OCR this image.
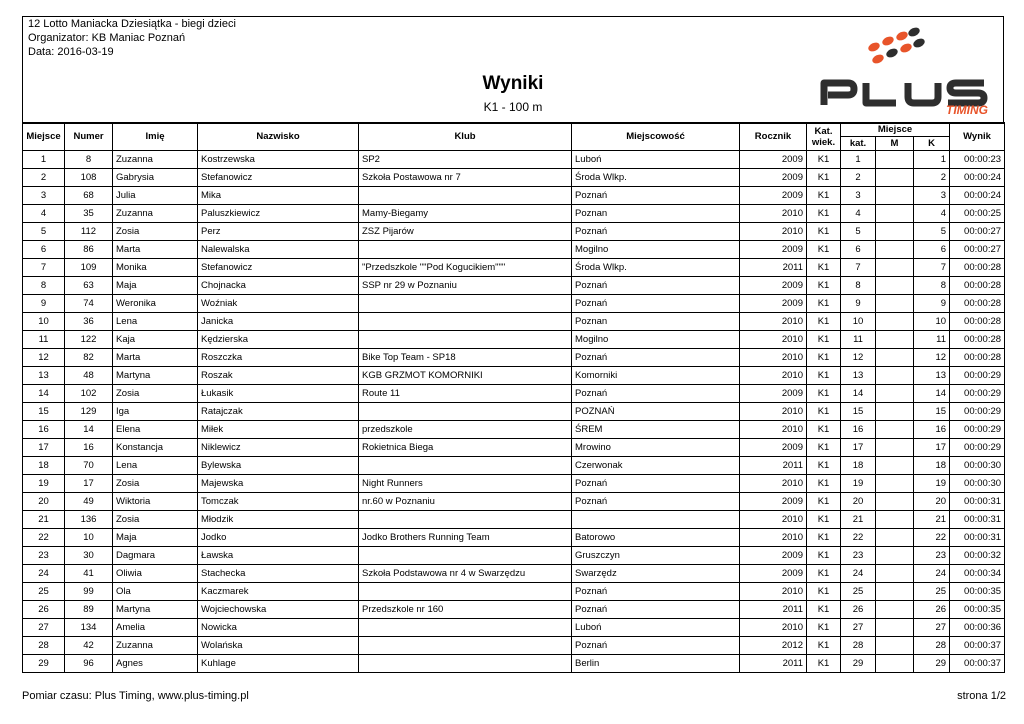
12 Lotto Maniacka Dziesiątka - biegi dzieci
Organizator: KB Maniac Poznań
Data: 2016-03-19
Wyniki
K1 - 100 m	TIMING
Miejsce	Numer	Imię	Nazwisko	Klub	Miejscowość	Rocznik	Kat. wiek.	Miejsce			Wynik
								kat.	M	K	
1	8	Zuzanna	Kostrzewska	SP2	Luboń	2009	K1	1		1	00:00:23
2	108	Gabrysia	Stefanowicz	Szkoła Postawowa nr 7	Środa Wlkp.	2009	K1	2		2	00:00:24
3	68	Julia	Mika		Poznań	2009	K1	3		3	00:00:24
4	35	Zuzanna	Paluszkiewicz	Mamy-Biegamy	Poznan	2010	K1	4		4	00:00:25
5	112	Zosia	Perz	ZSZ Pijarów	Poznań	2010	K1	5		5	00:00:27
6	86	Marta	Nalewalska		Mogilno	2009	K1	6		6	00:00:27
7	109	Monika	Stefanowicz	"Przedszkole ""Pod Kogucikiem"""	Środa Wlkp.	2011	K1	7		7	00:00:28
8	63	Maja	Chojnacka	SSP nr 29 w Poznaniu	Poznań	2009	K1	8		8	00:00:28
9	74	Weronika	Woźniak		Poznań	2009	K1	9		9	00:00:28
10	36	Lena	Janicka		Poznan	2010	K1	10		10	00:00:28
11	122	Kaja	Kędzierska		Mogilno	2010	K1	11		11	00:00:28
12	82	Marta	Roszczka	Bike Top Team - SP18	Poznań	2010	K1	12		12	00:00:28
13	48	Martyna	Roszak	KGB GRZMOT KOMORNIKI	Komorniki	2010	K1	13		13	00:00:29
14	102	Zosia	Łukasik	Route 11	Poznań	2009	K1	14		14	00:00:29
15	129	Iga	Ratajczak		POZNAŃ	2010	K1	15		15	00:00:29
16	14	Elena	Miłek	przedszkole	ŚREM	2010	K1	16		16	00:00:29
17	16	Konstancja	Niklewicz	Rokietnica Biega	Mrowino	2009	K1	17		17	00:00:29
18	70	Lena	Bylewska		Czerwonak	2011	K1	18		18	00:00:30
19	17	Zosia	Majewska	Night Runners	Poznań	2010	K1	19		19	00:00:30
20	49	Wiktoria	Tomczak	nr.60 w Poznaniu	Poznań	2009	K1	20		20	00:00:31
21	136	Zosia	Młodzik			2010	K1	21		21	00:00:31
22	10	Maja	Jodko	Jodko Brothers Running Team	Batorowo	2010	K1	22		22	00:00:31
23	30	Dagmara	Ławska		Gruszczyn	2009	K1	23		23	00:00:32
24	41	Oliwia	Stachecka	Szkoła Podstawowa nr 4 w Swarzędzu	Swarzędz	2009	K1	24		24	00:00:34
25	99	Ola	Kaczmarek		Poznań	2010	K1	25		25	00:00:35
26	89	Martyna	Wojciechowska	Przedszkole nr 160	Poznań	2011	K1	26		26	00:00:35
27	134	Amelia	Nowicka		Luboń	2010	K1	27		27	00:00:36
28	42	Zuzanna	Wolańska		Poznań	2012	K1	28		28	00:00:37
29	96	Agnes	Kuhlage		Berlin	2011	K1	29		29	00:00:37
Pomiar czasu: Plus Timing, www.plus-timing.pl	strona 1/2
